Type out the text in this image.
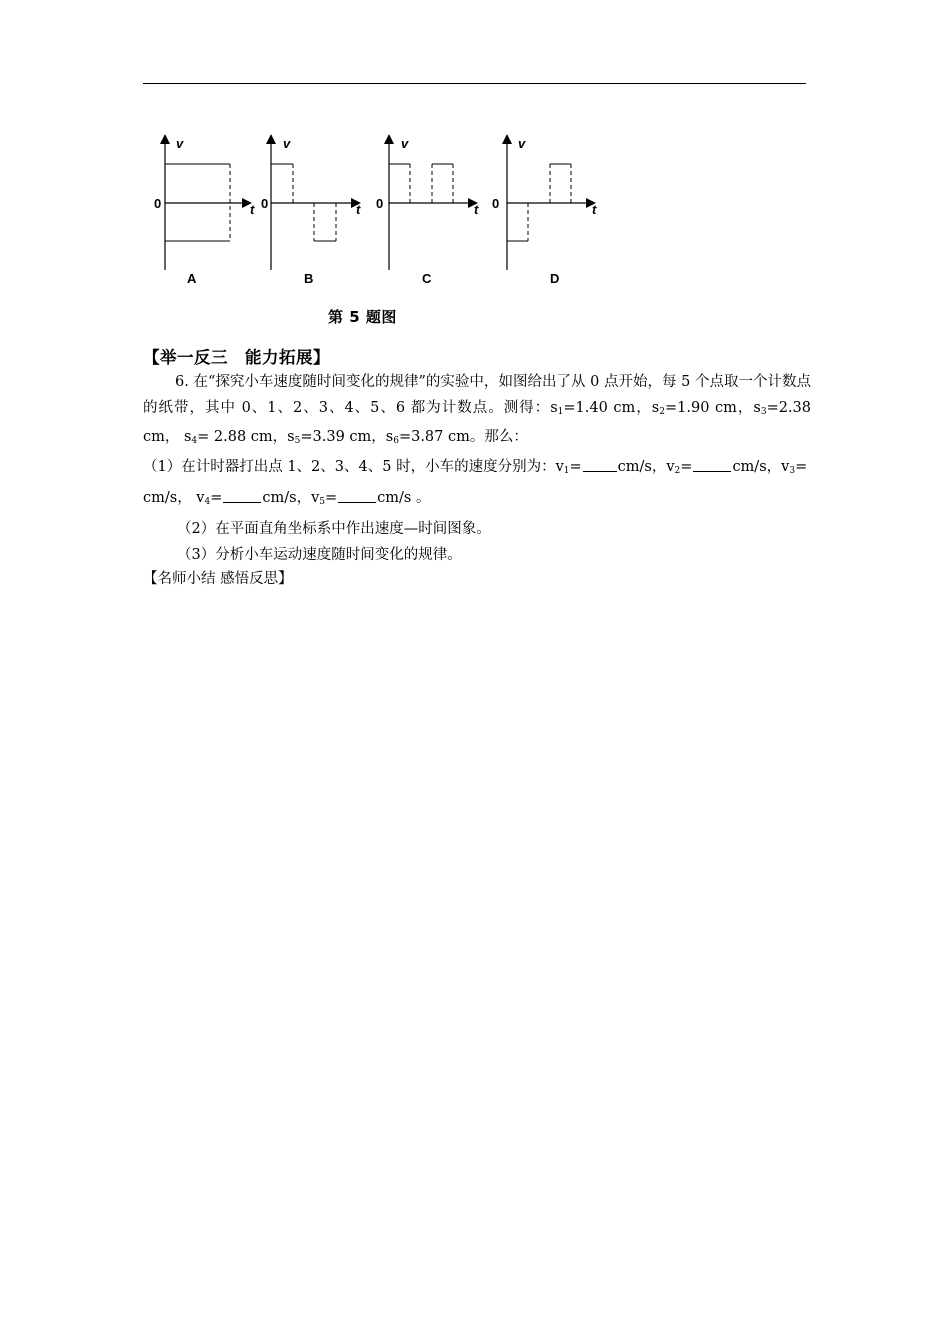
v
t
0
A
v
t
0
B
v
t
0
C
v
t
0
D
第 5 题图
【举一反三　能力拓展】
6. 在“探究小车速度随时间变化的规律”的实验中，如图给出了从 0 点开始，每 5 个点取一个计数点的纸带，其中 0、1、2、3、4、5、6 都为计数点。测得：$s_1=1.40$ cm，$s_2=1.90$ cm，$s_3=2.38$ cm， $s_4= 2.88$ cm，$s_5=3.39$ cm，$s_6=3.87$ cm。那么：
（1）在计时器打出点 1、2、3、4、5 时，小车的速度分别为：$v_1= cm/s$，$v_2=$	cm/s，$v_3=$
cm/s， $v_4=$	cm/s，$v_5=$	cm/s 。
（2）在平面直角坐标系中作出速度—时间图象。
（3）分析小车运动速度随时间变化的规律。
【名师小结 感悟反思】
